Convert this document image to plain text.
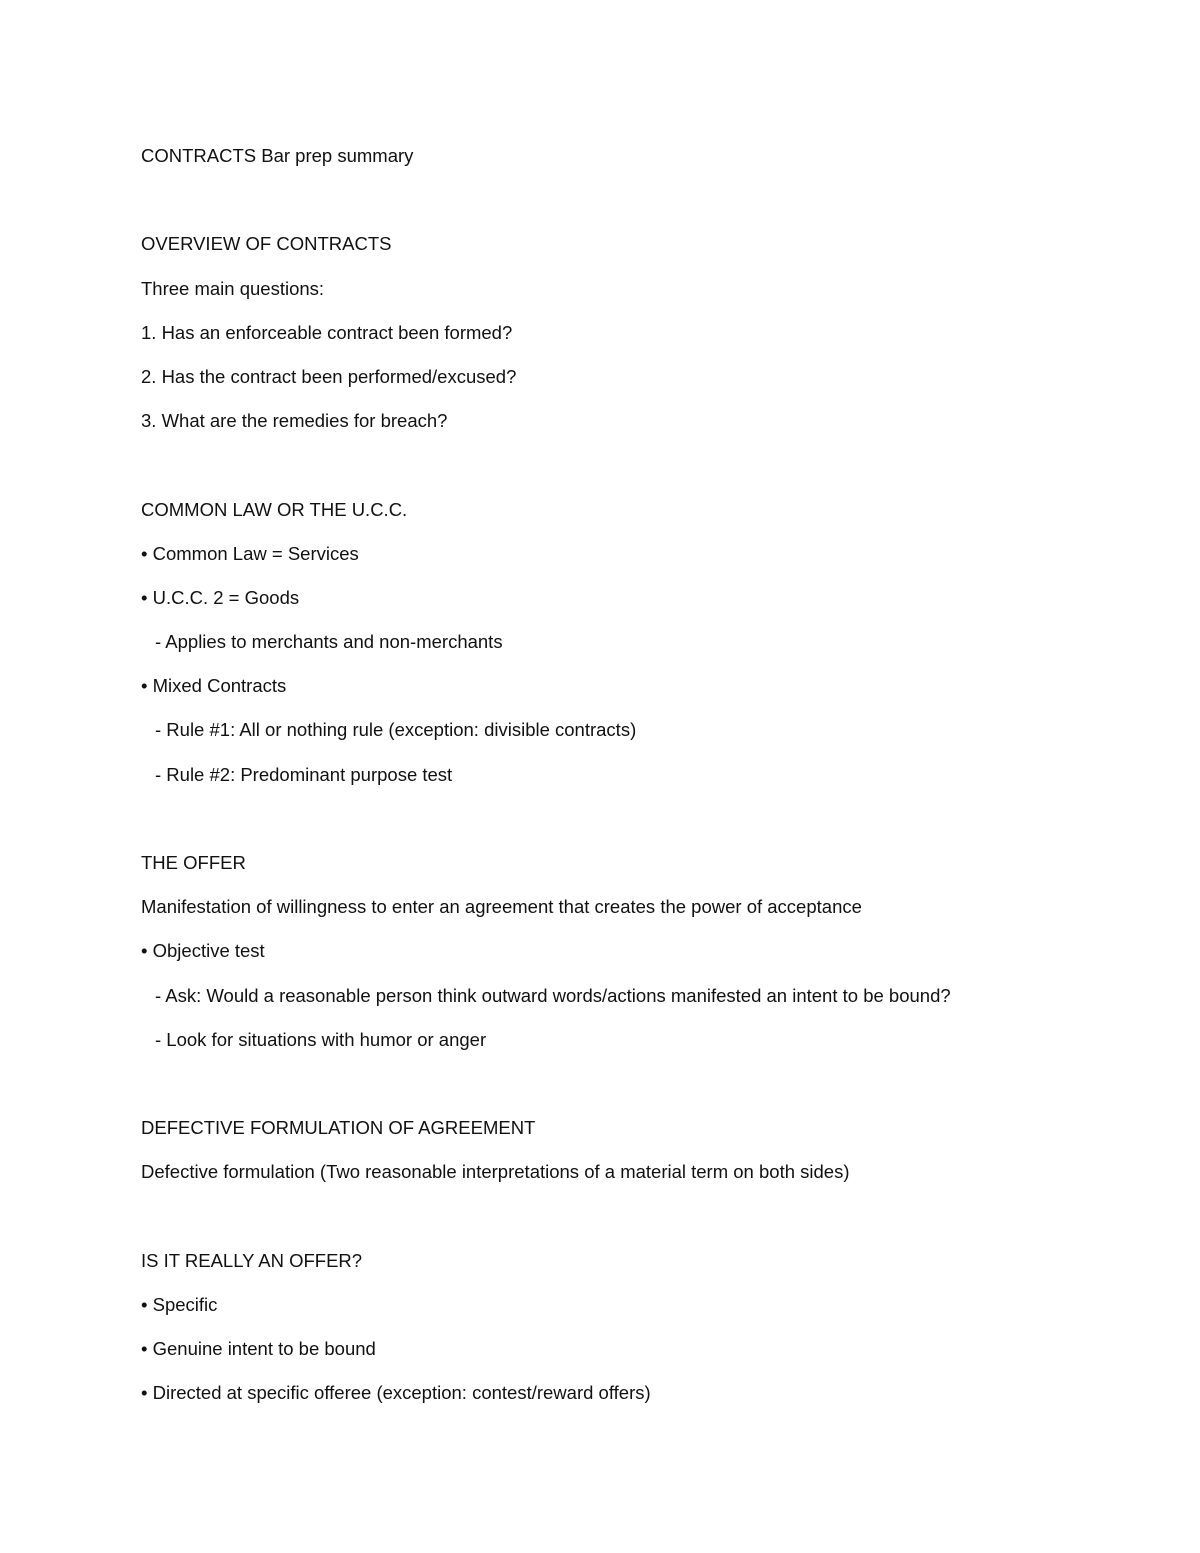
CONTRACTS Bar prep summary
OVERVIEW OF CONTRACTS
Three main questions:
1. Has an enforceable contract been formed?
2. Has the contract been performed/excused?
3. What are the remedies for breach?
COMMON LAW OR THE U.C.C.
• Common Law = Services
• U.C.C. 2 = Goods
- Applies to merchants and non-merchants
• Mixed Contracts
- Rule #1: All or nothing rule (exception: divisible contracts)
- Rule #2: Predominant purpose test
THE OFFER
Manifestation of willingness to enter an agreement that creates the power of acceptance
• Objective test
- Ask: Would a reasonable person think outward words/actions manifested an intent to be bound?
- Look for situations with humor or anger
DEFECTIVE FORMULATION OF AGREEMENT
Defective formulation (Two reasonable interpretations of a material term on both sides)
IS IT REALLY AN OFFER?
• Specific
• Genuine intent to be bound
• Directed at specific offeree (exception: contest/reward offers)
